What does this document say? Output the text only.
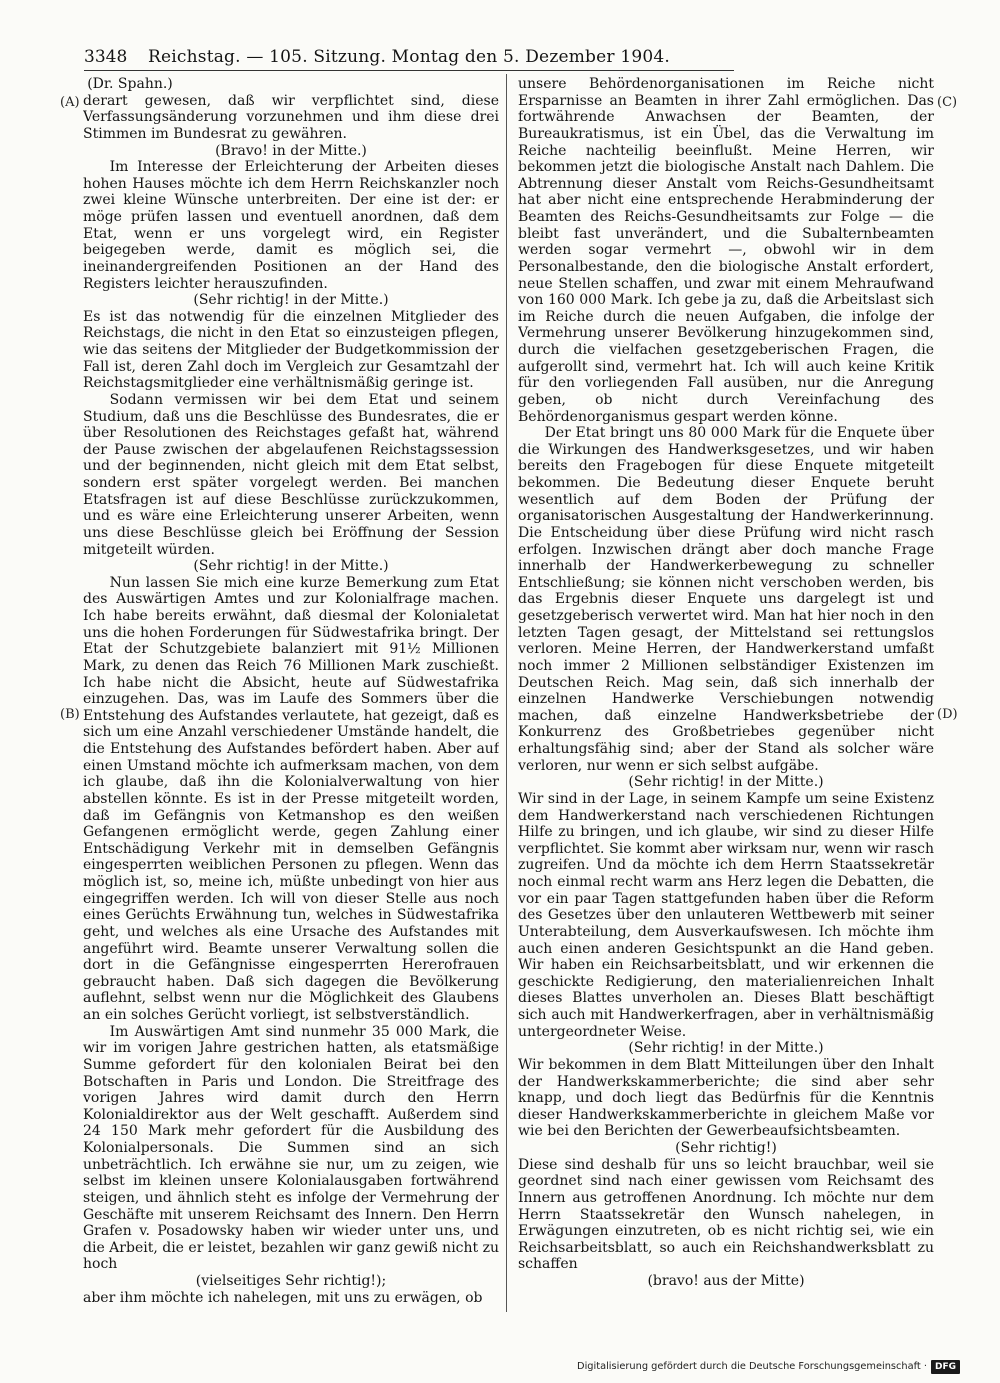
3348	Reichstag. — 105. Sitzung. Montag den 5. Dezember 1904.
(A)
(B)
(C)
(D)

(Dr. Spahn.)

derart gewesen, daß wir verpflichtet sind, diese Verfassungsänderung vorzunehmen und ihm diese drei Stimmen im Bundesrat zu gewähren.

(Bravo! in der Mitte.)

Im Interesse der Erleichterung der Arbeiten dieses hohen Hauses möchte ich dem Herrn Reichskanzler noch zwei kleine Wünsche unterbreiten. Der eine ist der: er möge prüfen lassen und eventuell anordnen, daß dem Etat, wenn er uns vorgelegt wird, ein Register beigegeben werde, damit es möglich sei, die ineinandergreifenden Positionen an der Hand des Registers leichter herauszufinden.

(Sehr richtig! in der Mitte.)

Es ist das notwendig für die einzelnen Mitglieder des Reichstags, die nicht in den Etat so einzusteigen pflegen, wie das seitens der Mitglieder der Budgetkommission der Fall ist, deren Zahl doch im Vergleich zur Gesamtzahl der Reichstagsmitglieder eine verhältnismäßig geringe ist.

Sodann vermissen wir bei dem Etat und seinem Studium, daß uns die Beschlüsse des Bundesrates, die er über Resolutionen des Reichstages gefaßt hat, während der Pause zwischen der abgelaufenen Reichstagssession und der beginnenden, nicht gleich mit dem Etat selbst, sondern erst später vorgelegt werden. Bei manchen Etatsfragen ist auf diese Beschlüsse zurückzukommen, und es wäre eine Erleichterung unserer Arbeiten, wenn uns diese Beschlüsse gleich bei Eröffnung der Session mitgeteilt würden.

(Sehr richtig! in der Mitte.)

Nun lassen Sie mich eine kurze Bemerkung zum Etat des Auswärtigen Amtes und zur Kolonialfrage machen. Ich habe bereits erwähnt, daß diesmal der Kolonialetat uns die hohen Forderungen für Südwestafrika bringt. Der Etat der Schutzgebiete balanziert mit 91½ Millionen Mark, zu denen das Reich 76 Millionen Mark zuschießt. Ich habe nicht die Absicht, heute auf Südwestafrika einzugehen. Das, was im Laufe des Sommers über die Entstehung des Aufstandes verlautete, hat gezeigt, daß es sich um eine Anzahl verschiedener Umstände handelt, die die Entstehung des Aufstandes befördert haben. Aber auf einen Umstand möchte ich aufmerksam machen, von dem ich glaube, daß ihn die Kolonialverwaltung von hier abstellen könnte. Es ist in der Presse mitgeteilt worden, daß im Gefängnis von Ketmanshop es den weißen Gefangenen ermöglicht werde, gegen Zahlung einer Entschädigung Verkehr mit in demselben Gefängnis eingesperrten weiblichen Personen zu pflegen. Wenn das möglich ist, so, meine ich, müßte unbedingt von hier aus eingegriffen werden. Ich will von dieser Stelle aus noch eines Gerüchts Erwähnung tun, welches in Südwestafrika geht, und welches als eine Ursache des Aufstandes mit angeführt wird. Beamte unserer Verwaltung sollen die dort in die Gefängnisse eingesperrten Hererofrauen gebraucht haben. Daß sich dagegen die Bevölkerung auflehnt, selbst wenn nur die Möglichkeit des Glaubens an ein solches Gerücht vorliegt, ist selbstverständlich.

Im Auswärtigen Amt sind nunmehr 35 000 Mark, die wir im vorigen Jahre gestrichen hatten, als etatsmäßige Summe gefordert für den kolonialen Beirat bei den Botschaften in Paris und London. Die Streitfrage des vorigen Jahres wird damit durch den Herrn Kolonialdirektor aus der Welt geschafft. Außerdem sind 24 150 Mark mehr gefordert für die Ausbildung des Kolonialpersonals. Die Summen sind an sich unbeträchtlich. Ich erwähne sie nur, um zu zeigen, wie selbst im kleinen unsere Kolonialausgaben fortwährend steigen, und ähnlich steht es infolge der Vermehrung der Geschäfte mit unserem Reichsamt des Innern. Den Herrn Grafen v. Posadowsky haben wir wieder unter uns, und die Arbeit, die er leistet, bezahlen wir ganz gewiß nicht zu hoch

(vielseitiges Sehr richtig!);

aber ihm möchte ich nahelegen, mit uns zu erwägen, ob

unsere Behördenorganisationen im Reiche nicht Ersparnisse an Beamten in ihrer Zahl ermöglichen. Das fortwährende Anwachsen der Beamten, der Bureaukratismus, ist ein Übel, das die Verwaltung im Reiche nachteilig beeinflußt. Meine Herren, wir bekommen jetzt die biologische Anstalt nach Dahlem. Die Abtrennung dieser Anstalt vom Reichs-Gesundheitsamt hat aber nicht eine entsprechende Herabminderung der Beamten des Reichs-Gesundheitsamts zur Folge — die bleibt fast unverändert, und die Subalternbeamten werden sogar vermehrt —, obwohl wir in dem Personalbestande, den die biologische Anstalt erfordert, neue Stellen schaffen, und zwar mit einem Mehraufwand von 160 000 Mark. Ich gebe ja zu, daß die Arbeitslast sich im Reiche durch die neuen Aufgaben, die infolge der Vermehrung unserer Bevölkerung hinzugekommen sind, durch die vielfachen gesetzgeberischen Fragen, die aufgerollt sind, vermehrt hat. Ich will auch keine Kritik für den vorliegenden Fall ausüben, nur die Anregung geben, ob nicht durch Vereinfachung des Behördenorganismus gespart werden könne.

Der Etat bringt uns 80 000 Mark für die Enquete über die Wirkungen des Handwerksgesetzes, und wir haben bereits den Fragebogen für diese Enquete mitgeteilt bekommen. Die Bedeutung dieser Enquete beruht wesentlich auf dem Boden der Prüfung der organisatorischen Ausgestaltung der Handwerkerinnung. Die Entscheidung über diese Prüfung wird nicht rasch erfolgen. Inzwischen drängt aber doch manche Frage innerhalb der Handwerkerbewegung zu schneller Entschließung; sie können nicht verschoben werden, bis das Ergebnis dieser Enquete uns dargelegt ist und gesetzgeberisch verwertet wird. Man hat hier noch in den letzten Tagen gesagt, der Mittelstand sei rettungslos verloren. Meine Herren, der Handwerkerstand umfaßt noch immer 2 Millionen selbständiger Existenzen im Deutschen Reich. Mag sein, daß sich innerhalb der einzelnen Handwerke Verschiebungen notwendig machen, daß einzelne Handwerksbetriebe der Konkurrenz des Großbetriebes gegenüber nicht erhaltungsfähig sind; aber der Stand als solcher wäre verloren, nur wenn er sich selbst aufgäbe.

(Sehr richtig! in der Mitte.)

Wir sind in der Lage, in seinem Kampfe um seine Existenz dem Handwerkerstand nach verschiedenen Richtungen Hilfe zu bringen, und ich glaube, wir sind zu dieser Hilfe verpflichtet. Sie kommt aber wirksam nur, wenn wir rasch zugreifen. Und da möchte ich dem Herrn Staatssekretär noch einmal recht warm ans Herz legen die Debatten, die vor ein paar Tagen stattgefunden haben über die Reform des Gesetzes über den unlauteren Wettbewerb mit seiner Unterabteilung, dem Ausverkaufswesen. Ich möchte ihm auch einen anderen Gesichtspunkt an die Hand geben. Wir haben ein Reichsarbeitsblatt, und wir erkennen die geschickte Redigierung, den materialienreichen Inhalt dieses Blattes unverholen an. Dieses Blatt beschäftigt sich auch mit Handwerkerfragen, aber in verhältnismäßig untergeordneter Weise.

(Sehr richtig! in der Mitte.)

Wir bekommen in dem Blatt Mitteilungen über den Inhalt der Handwerkskammerberichte; die sind aber sehr knapp, und doch liegt das Bedürfnis für die Kenntnis dieser Handwerkskammerberichte in gleichem Maße vor wie bei den Berichten der Gewerbeaufsichtsbeamten.

(Sehr richtig!)

Diese sind deshalb für uns so leicht brauchbar, weil sie geordnet sind nach einer gewissen vom Reichsamt des Innern aus getroffenen Anordnung. Ich möchte nur dem Herrn Staatssekretär den Wunsch nahelegen, in Erwägungen einzutreten, ob es nicht richtig sei, wie ein Reichsarbeitsblatt, so auch ein Reichshandwerksblatt zu schaffen

(bravo! aus der Mitte)

Digitalisierung gefördert durch die Deutsche Forschungsgemeinschaft · DFG
